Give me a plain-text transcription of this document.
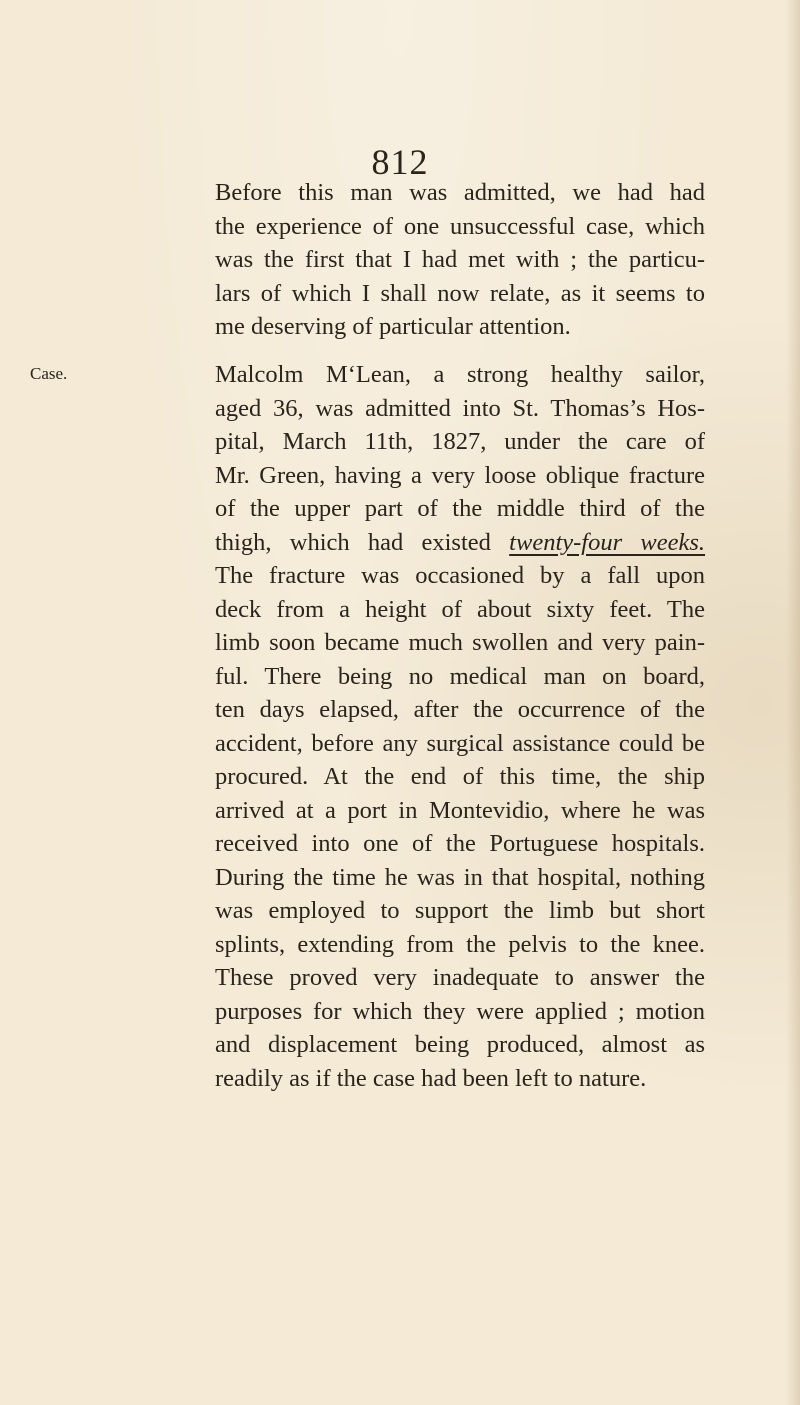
812
Case.
Before this man was admitted, we had had
the experience of one unsuccessful case, which
was the first that I had met with ; the particu-
lars of which I shall now relate, as it seems to
me deserving of particular attention.
Malcolm M‘Lean, a strong healthy sailor,
aged 36, was admitted into St. Thomas’s Hos-
pital, March 11th, 1827, under the care of
Mr. Green, having a very loose oblique fracture
of the upper part of the middle third of the
thigh, which had existed twenty-four weeks.
The fracture was occasioned by a fall upon
deck from a height of about sixty feet. The
limb soon became much swollen and very pain-
ful. There being no medical man on board,
ten days elapsed, after the occurrence of the
accident, before any surgical assistance could be
procured. At the end of this time, the ship
arrived at a port in Montevidio, where he was
received into one of the Portuguese hospitals.
During the time he was in that hospital, nothing
was employed to support the limb but short
splints, extending from the pelvis to the knee.
These proved very inadequate to answer the
purposes for which they were applied ; motion
and displacement being produced, almost as
readily as if the case had been left to nature.
